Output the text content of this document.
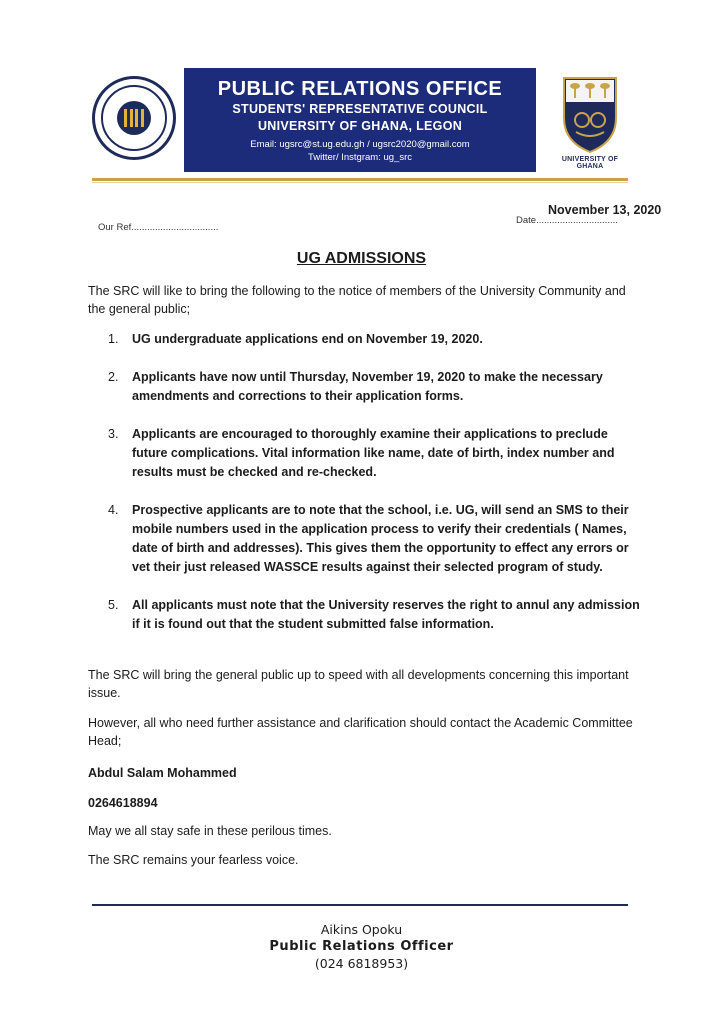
PUBLIC RELATIONS OFFICE
STUDENTS' REPRESENTATIVE COUNCIL
UNIVERSITY OF GHANA, LEGON
Email: ugsrc@st.ug.edu.gh / ugsrc2020@gmail.com
Twitter/ Instgram: ug_src	UNIVERSITY OF GHANA
November 13, 2020
Date...............................
Our Ref.................................
UG ADMISSIONS

The SRC will like to bring the following to the notice of members of the University Community and the general public;

1.	UG undergraduate applications end on November 19, 2020.
2.	Applicants have now until Thursday, November 19, 2020 to make the necessary amendments and corrections to their application forms.
3.	Applicants are encouraged to thoroughly examine their applications to preclude future complications. Vital information like name, date of birth, index number and results must be checked and re-checked.
4.	Prospective applicants are to note that the school, i.e. UG, will send an SMS to their mobile numbers used in the application process to verify their credentials ( Names, date of birth and addresses). This gives them the opportunity to effect any errors or vet their just released WASSCE results against their selected program of study.
5.	All applicants must note that the University reserves the right to annul any admission if it is found out that the student submitted false information.

The SRC will bring the general public up to speed with all developments concerning this important issue.

However, all who need further assistance and clarification should contact the Academic Committee Head;

Abdul Salam Mohammed

0264618894

May we all stay safe in these perilous times.

The SRC remains your fearless voice.

Aikins Opoku
Public Relations Officer
(024 6818953)
